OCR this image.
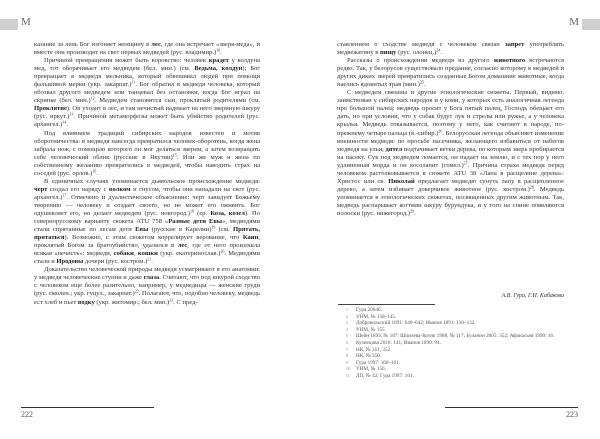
М

казание за лень Бог изгоняет женщину в лес, где она встречает «зверя-меда», и вместе они производят на свет первых медведей (рус. владимир.)$^{10}$.

Причиной превращения может быть воровство: человек крадет у колдуна мед, тот оборачивает его медведем (бел. мин.) (см. Ведьма, колдун); Бог превращает в медведя мельника, который обвешивал людей при помощи фальшивой мерки (укр. закарпат.)$^{11}$. Бог обратил в медведя человека, который обозвал другого медведем или танцевал без остановки, когда Бог играл на скрипке (бел. мин.)$^{12}$. Медведем становится сын, проклятый родителями (см. Проклятие). Он уходит в лес, и там нечистый надевает на него звериную шкуру (рус. иркут.)$^{13}$. Причиной метаморфозы может быть убийство родителей (рус. архангел.)$^{14}$.

Под влиянием традиций сибирских народов известен и мотив оборотничества: в медведя навсегда превратился человек-оборотень, когда жена забрала нож, с помощью которого он мог делаться зверем, а затем возвращать себе человеческий облик (русские в Якутии)$^{15}$. Или же муж и жена по собственному желанию превратились в медведей, чтобы наводить страх на соседей (рус. орлов.)$^{16}$.

В единичных случаях упоминается дьявольское происхождение медведя: черт создал его наряду с волком и гнусом, чтобы они нападали на скот (рус. архангел.)$^{17}$. Отмечено и дуалистическое объяснение: черт завидует Божьему творению — человеку и создает своего, но не может его оживить. Бог одушевляет его, но делает медведем (рус. новгород.)$^{18}$ (ср. Коза, козел). По севернорусскому варианту сюжета АТU 758 «Разные дети Евы», медведями стали спрятанные по лесам дети Евы (русские в Карелии)$^{19}$ (см. Прятать, прятаться). Возможно, с этим сюжетом коррелирует верование, что Каин, проклятый Богом за братоубийство, удалился в лес, где от него произошла всякая «нечисть»: медведи, собаки, кошки (укр. екатеринослав.)$^{20}$. Медведями стали и Иродовы дочери (рус. костром.)$^{21}$.

Доказательство человеческой природы медведя усматривают в его анатомии: у медведя человеческие ступни и даже глаза. Считают, что под шкурой сходство с человеком еще более разительно, например, у медведицы — женские груди (рус. смолен.; укр. гуцул., закарпат.)$^{22}$. Полагают, что, подобно человеку, медведь ест хлеб и пьет водку (укр. житомир.; бел. мин.)$^{23}$. С пред-

222
М

ставлением о сходстве медведя с человеком связан запрет употреблять медвежатину в пищу (рус. олонец.)$^{24}$.

Рассказы о происхождении медведя из другого животного встречаются редко. Так, у белорусов существовало предание, согласно которому в медведей и других диких зверей превратились созданные Богом домашние животные, когда наелись ядовитых трав $(мин.)^{25}$.

С медведем связаны и другие этиологические сюжеты. Первый, видимо, заимствован у сибирских народов и у коми, у которых есть аналогичная легенда про большой палец: медведь просит у Бога пятый палец, Господь обещает его дать, но при условии, что у собак будут лук и стрелы или ружье, а у человека крылья. Медведь отказывается, поэтому у него, как считают в народе, по-прежнему четыре пальца (в.-сибир.)$^{26}$. Белорусская легенда объясняет изменение внешности медведя: по просьбе пасечника, желающего избавиться от набегов медведя на ульи, дятел подтачивает ветки дерева, по которым зверь пробирается на пасеку. Сук под медведем ломается, он падает на землю, и с тех пор у него удлиненная морда и он косолапит (гомел.)$^{27}$. Причина страха медведя перед человеком растолковывается в сюжете АТU 38 «Лапа в расщелине дерева»: Христос или св. Николай предлагает медведю сунуть лапу в расщепленное дерево, а затем избивает доверчивое животное (рус. костром.)$^{28}$. Медведь упоминается в этиологических сюжетах, посвященных другим животным. Так, медведь распарывает когтями шкуру бурундука, и у того на спине появляются полоски (рус. нижегород.)$^{29}$.

А.В. Гура, Г.И. Кабакова
1	Гура 2004б.
2	УНМ, № 158–145.
3	Добровольский 1891: 640–642; Иванов 1891: 130–132.
4	УНМ, № 155.
5	Шейн 1893, № 187; Шпилева-Котик 1988, № 117; Буланин 2005: 352; Афанасьев 1990: 16.
6	Кузнецова 2018: 141; Иванов 1890: 94.
7	НК, № 351, 352.
8	НК, № 350.
9	Гура 1997: 160–161.
10	УНМ, № 156.
11	ЛП, № 42; Гура 1997: 161.
223
